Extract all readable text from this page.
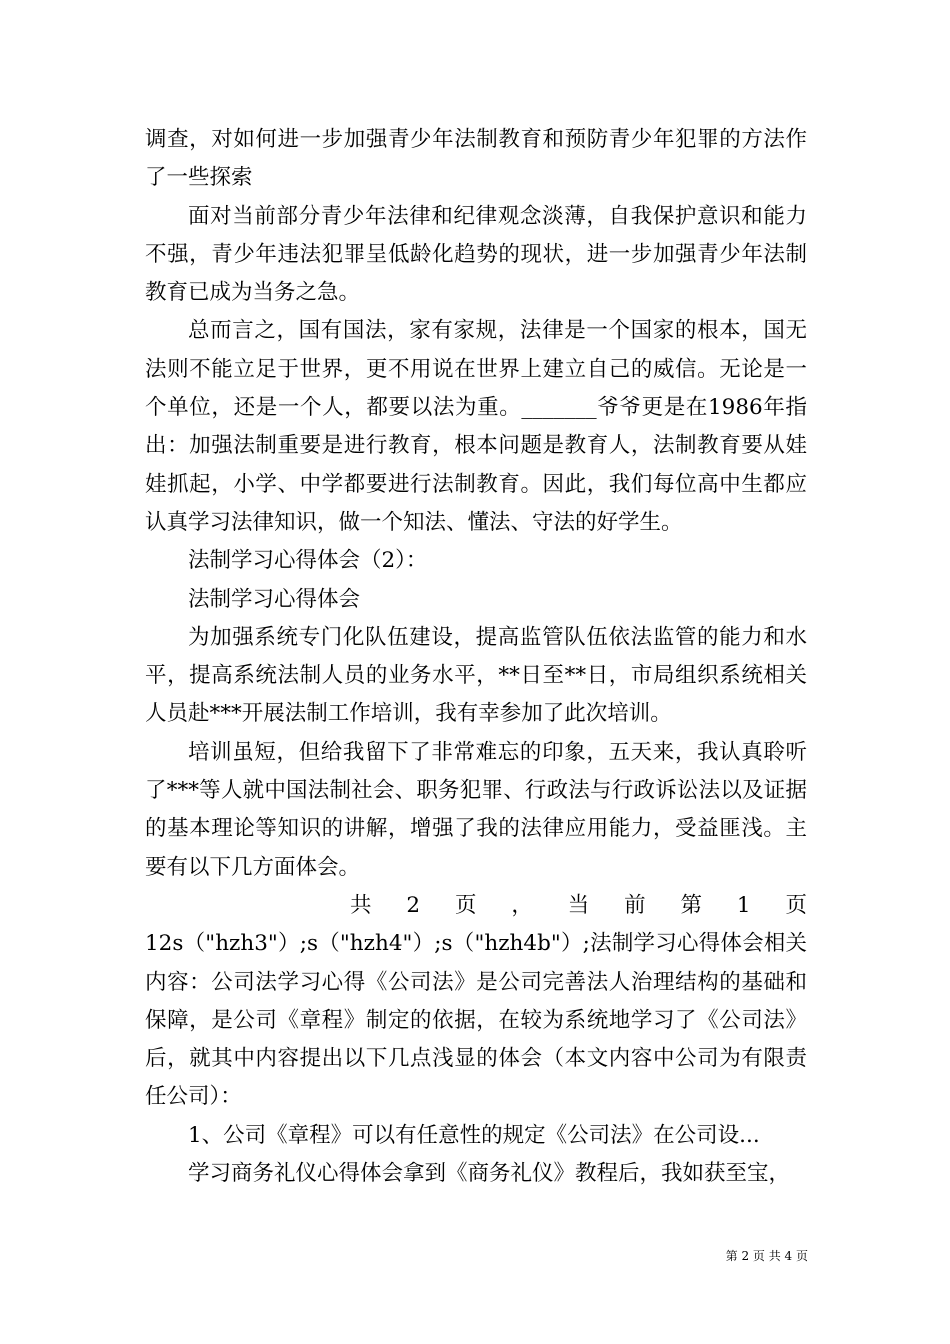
调查，对如何进一步加强青少年法制教育和预防青少年犯罪的方法作了一些探索

面对当前部分青少年法律和纪律观念淡薄，自我保护意识和能力不强，青少年违法犯罪呈低龄化趋势的现状，进一步加强青少年法制教育已成为当务之急。

总而言之，国有国法，家有家规，法律是一个国家的根本，国无法则不能立足于世界，更不用说在世界上建立自己的威信。无论是一个单位，还是一个人，都要以法为重。_______爷爷更是在1986年指出：加强法制重要是进行教育，根本问题是教育人，法制教育要从娃娃抓起，小学、中学都要进行法制教育。因此，我们每位高中生都应认真学习法律知识，做一个知法、懂法、守法的好学生。

法制学习心得体会（2）：

法制学习心得体会

为加强系统专门化队伍建设，提高监管队伍依法监管的能力和水平，提高系统法制人员的业务水平，**日至**日，市局组织系统相关人员赴***开展法制工作培训，我有幸参加了此次培训。

培训虽短，但给我留下了非常难忘的印象，五天来，我认真聆听了***等人就中国法制社会、职务犯罪、行政法与行政诉讼法以及证据的基本理论等知识的讲解，增强了我的法律应用能力，受益匪浅。主要有以下几方面体会。

共 2 页 ， 当 前 第 1 页

12s（"hzh3"）;s（"hzh4"）;s（"hzh4b"）;法制学习心得体会相关内容：公司法学习心得《公司法》是公司完善法人治理结构的基础和保障，是公司《章程》制定的依据，在较为系统地学习了《公司法》后，就其中内容提出以下几点浅显的体会（本文内容中公司为有限责任公司）：

1、公司《章程》可以有任意性的规定《公司法》在公司设...

学习商务礼仪心得体会拿到《商务礼仪》教程后，我如获至宝，

第 2 页 共 4 页
